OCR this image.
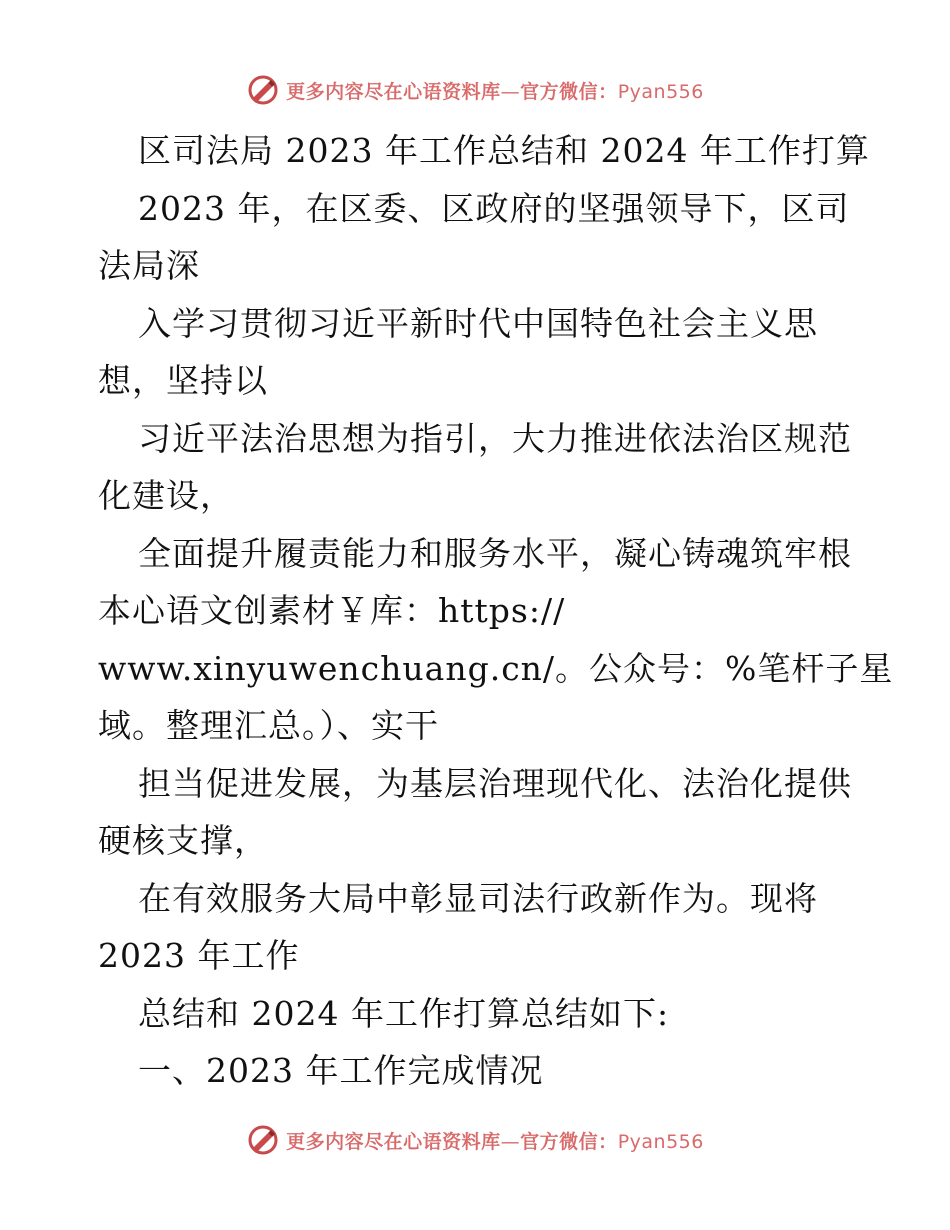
更多内容尽在心语资料库—官方微信：Pyan556
区司法局 2023 年工作总结和 2024 年工作打算
2023 年，在区委、区政府的坚强领导下，区司
法局深
入学习贯彻习近平新时代中国特色社会主义思
想，坚持以
习近平法治思想为指引，大力推进依法治区规范
化建设，
全面提升履责能力和服务水平，凝心铸魂筑牢根
本心语文创素材￥库：https://
www.xinyuwenchuang.cn/。公众号：%笔杆子星
域。整理汇总。）、实干
担当促进发展，为基层治理现代化、法治化提供
硬核支撑，
在有效服务大局中彰显司法行政新作为。现将
2023 年工作
总结和 2024 年工作打算总结如下:
一、2023 年工作完成情况
更多内容尽在心语资料库—官方微信：Pyan556
